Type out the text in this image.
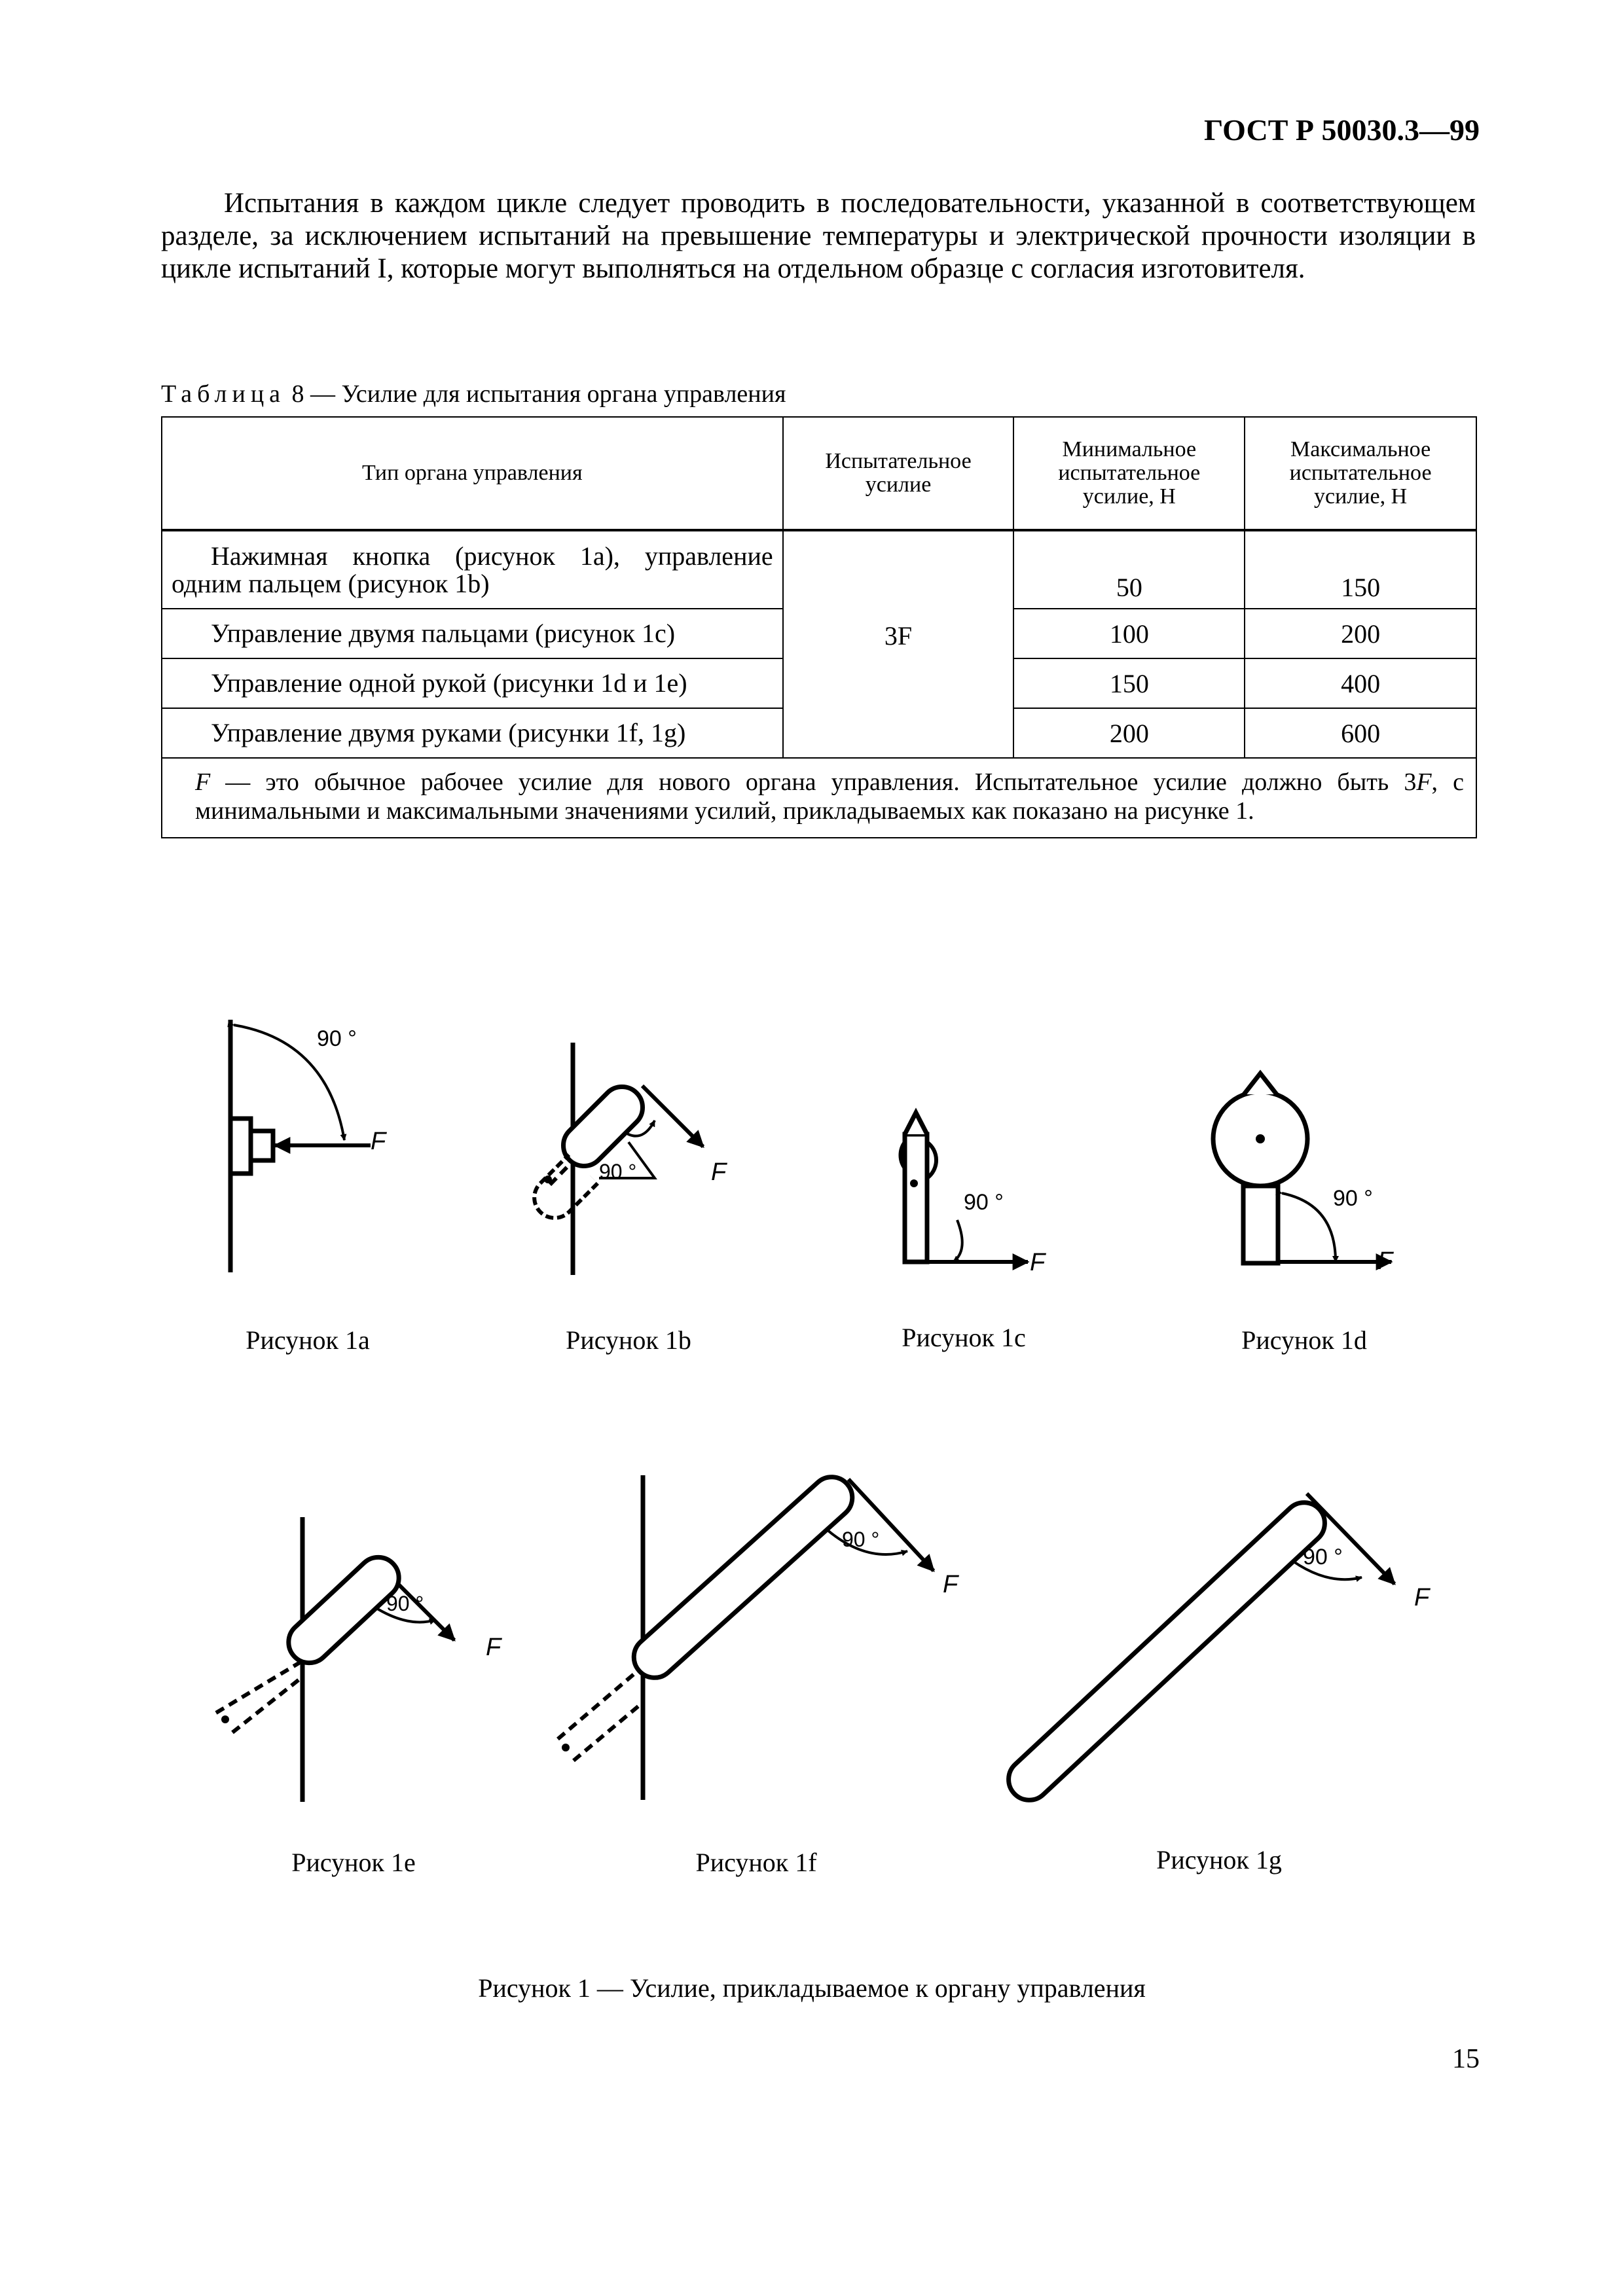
ГОСТ Р 50030.3—99
Испытания в каждом цикле следует проводить в последовательности, указанной в соответствующем разделе, за исключением испытаний на превышение температуры и электрической прочности изоляции в цикле испытаний I, которые могут выполняться на отдельном образце с согласия изготовителя.
Таблица 8 — Усилие для испытания органа управления
Тип органа управления	Испытательное усилие	Минимальное испытательное усилие, Н	Максимальное испытательное усилие, Н
Нажимная кнопка (рисунок 1a), управление одним пальцем (рисунок 1b)	3F	50	150
Управление двумя пальцами (рисунок 1c)		100	200
Управление одной рукой (рисунки 1d и 1e)		150	400
Управление двумя руками (рисунки 1f, 1g)		200	600
F — это обычное рабочее усилие для нового органа управления. Испытательное усилие должно быть 3F, с минимальными и максимальными значениями усилий, прикладываемых как показано на рисунке 1.			
90 °
F
90 °	F
90 °
F
90 °
F
90 °
F
90 °
F
90 °
F
Рисунок 1a	Рисунок 1b	Рисунок 1c	Рисунок 1d
Рисунок 1e	Рисунок 1f	Рисунок 1g
Рисунок 1 — Усилие, прикладываемое к органу управления
15
